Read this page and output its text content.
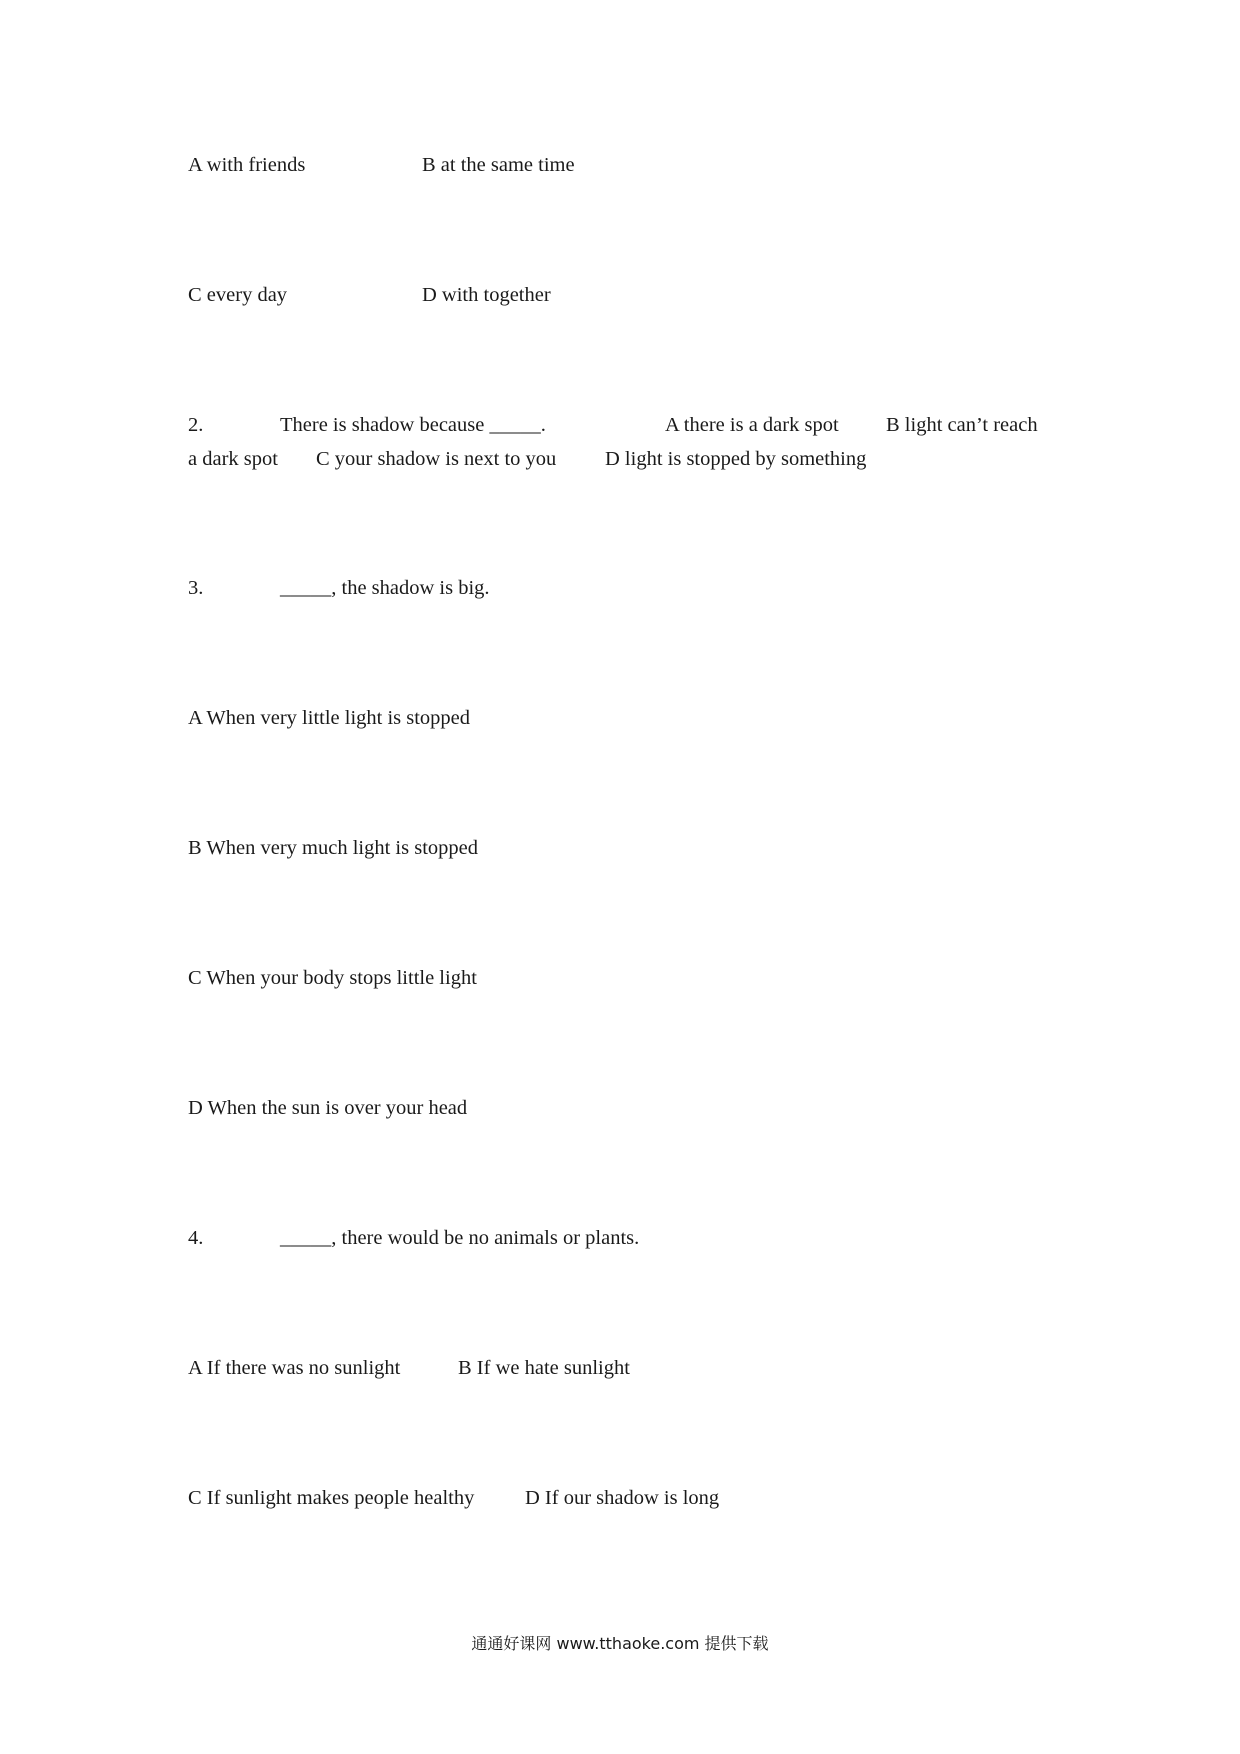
A with friends	B at the same time
C every day	D with together
2.	There is shadow because _____.	A there is a dark spot B light can’t reach
a dark spot C your shadow is next to you D light is stopped by something
3.	_____, the shadow is big.
A When very little light is stopped
B When very much light is stopped
C When your body stops little light
D When the sun is over your head
4.	_____, there would be no animals or plants.
A If there was no sunlight	B If we hate sunlight
C If sunlight makes people healthy D If our shadow is long
通通好课网 www.tthaoke.com 提供下载
